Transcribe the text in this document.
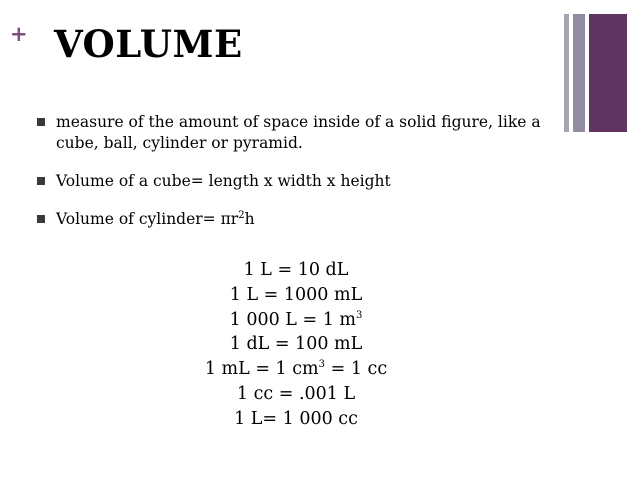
+ VOLUME
measure of the amount of space inside of a solid figure, like a cube, ball, cylinder or pyramid.
Volume of a cube= length x width x height
Volume of cylinder= $\pi r^2h$
1 L = 10 dL
1 L = 1000 mL
1 000 L = 1 $m^3$
1 dL = 100 mL
1 mL = 1 $cm^3 = 1$ cc
1 cc = .001 L
1 L= 1 000 cc
